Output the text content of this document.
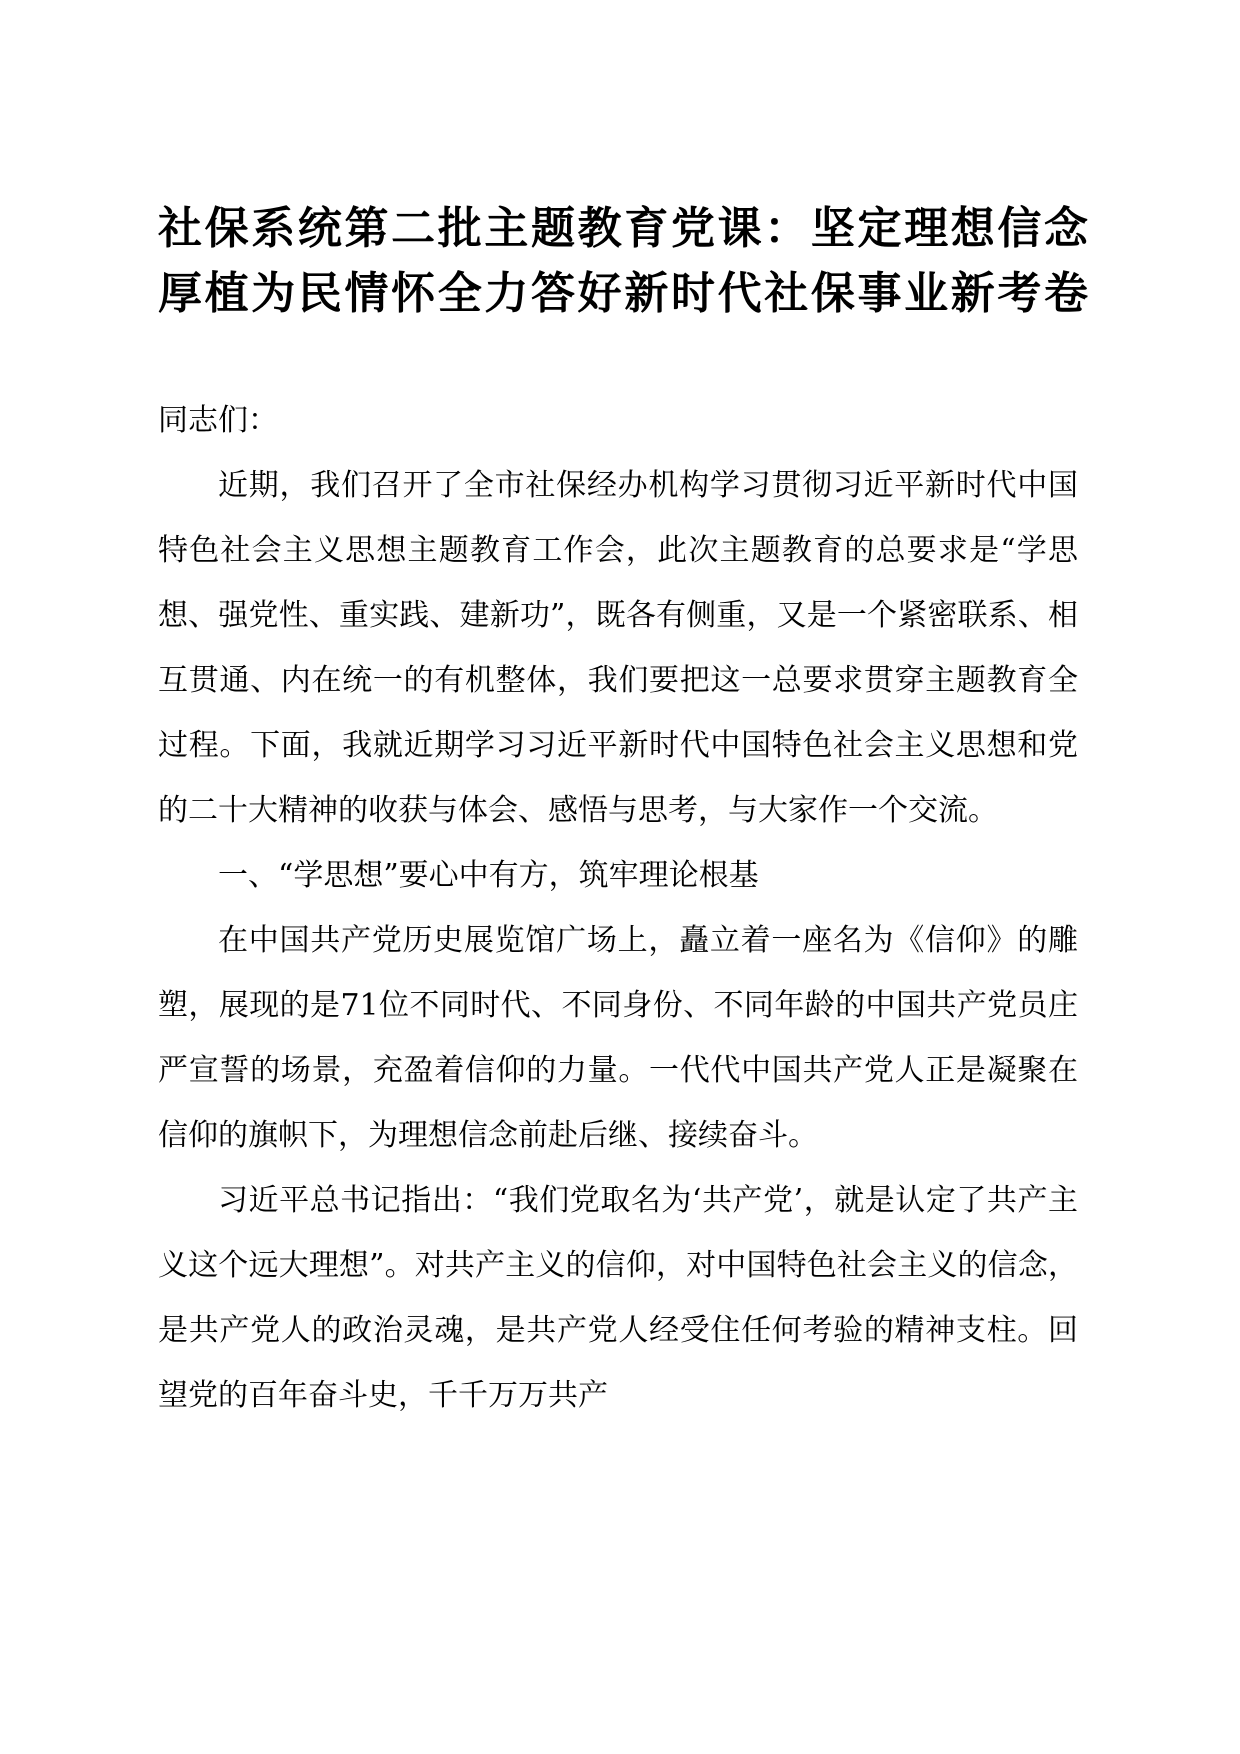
社保系统第二批主题教育党课：坚定理想信念
厚植为民情怀全力答好新时代社保事业新考卷

同志们：

近期，我们召开了全市社保经办机构学习贯彻习近平新时代中国特色社会主义思想主题教育工作会，此次主题教育的总要求是“学思想、强党性、重实践、建新功”，既各有侧重，又是一个紧密联系、相互贯通、内在统一的有机整体，我们要把这一总要求贯穿主题教育全过程。下面，我就近期学习习近平新时代中国特色社会主义思想和党的二十大精神的收获与体会、感悟与思考，与大家作一个交流。

一、“学思想”要心中有方，筑牢理论根基

在中国共产党历史展览馆广场上，矗立着一座名为《信仰》的雕塑，展现的是71位不同时代、不同身份、不同年龄的中国共产党员庄严宣誓的场景，充盈着信仰的力量。一代代中国共产党人正是凝聚在信仰的旗帜下，为理想信念前赴后继、接续奋斗。

习近平总书记指出：“我们党取名为‘共产党’，就是认定了共产主义这个远大理想”。对共产主义的信仰，对中国特色社会主义的信念，是共产党人的政治灵魂，是共产党人经受住任何考验的精神支柱。回望党的百年奋斗史，千千万万共产
